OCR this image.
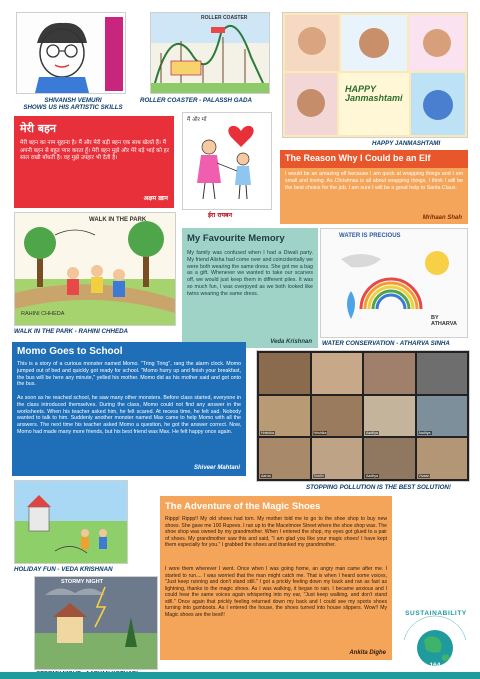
SHIVANSH VEMURI
SHOWS US HIS ARTISTIC SKILLS
ROLLER COASTER
ROLLER COASTER - PALASSH GADA
HAPPY Janmashtami
HAPPY JANMASHTAMI
मेरी बहन
मेरी बहन का नाम सुहाना है। मैं और मेरी बड़ी बहन एक साथ खेलते हैं। मैं अपनी बहन से बहुत प्यार करता हूँ। मेरी बहन मुझे और मेरे बड़े भाई को हर साल राखी बाँधती है। वह मुझे उपहार भी देती है।
अक्षम ख़ान
मैं और माँ
ईरा रायबन
The Reason Why I Could be an Elf
I would be an amazing elf because I am quick at wrapping things and I am small and loving. As Christmas is all about wrapping things, I think I will be the best choice for the job. I am sure I will be a great help to Santa Claus.
Mrihaan Shah
WALK IN THE PARK
RAHINI CHHEDA
WALK IN THE PARK - RAHINI CHHEDA
My Favourite Memory
My family was confused when I had a Diwali party. My friend Alisha had come over and coincidentally we were both wearing the same dress. She got me a bag as a gift. Whenever we wanted to take our scarves off, we would just keep them in different piles. It was so much fun, I was overjoyed as we both looked like twins wearing the same dress.
Veda Krishnan
WATER IS PRECIOUS
BY ATHARVA
WATER CONSERVATION - ATHARVA SINHA
Momo Goes to School
This is a story of a curious monster named Momo. "Tring Tring", rang the alarm clock. Momo jumped out of bed and quickly got ready for school. "Momo hurry up and finish your breakfast, the bus will be here any minute," yelled his mother. Momo did as his mother said and got onto the bus.
As soon as he reached school, he saw many other monsters. Before class started, everyone in the class introduced themselves. During the class, Momo could not find any answer in the worksheets. When his teacher asked him, he felt scared. At recess time, he felt sad. Nobody wanted to talk to him. Suddenly another monster named Max came to help Momo with all the answers. The next time his teacher asked Momo a question, he got the answer correct. Now, Momo had made many more friends, but his best friend was Max. He felt happy once again.
Shiveer Mahtani
Hrishika	Hrishika	Aaditya	Aaditya
Aarna	Siddhi	Aaditya	Vivaan
STOPPING POLLUTION IS THE BEST SOLUTION!
HOLIDAY FUN - VEDA KRISHNAN
STORMY NIGHT
The Adventure of the Magic Shoes
Rippp! Rippp!! My old shoes had torn. My mother told me to go to the shoe shop to buy new shoes. She gave me 100 Rupees. I ran up to the Macelmore Street where the shoe shop was. The shoe shop was owned by my grandmother. When I entered the shop, my eyes got glued to a pair of shoes. My grandmother saw this and said, "I am glad you like your magic shoes! I have kept them especially for you." I grabbed the shoes and thanked my grandmother.
I wore them wherever I went. Once when I was going home, an angry man came after me. I started to run.... I was worried that the man might catch me. That is when I heard some voices, "Just keep running and don't stand still." I got a prickly feeling down my back and ran as fast as lightning, thanks to the magic shoes. As I was walking, it began to rain. I became anxious and I could hear the same voices again whispering into my ear, "Just keep walking, and don't stand still." Once again that prickly feeling returned down my back and I could see my sports shoes turning into gumboots. As I entered the house, the shoes turned into house slippers. Wow!! My Magic shoes are the best!!
Ankita Dighe
SUSTAINABILITY
164
